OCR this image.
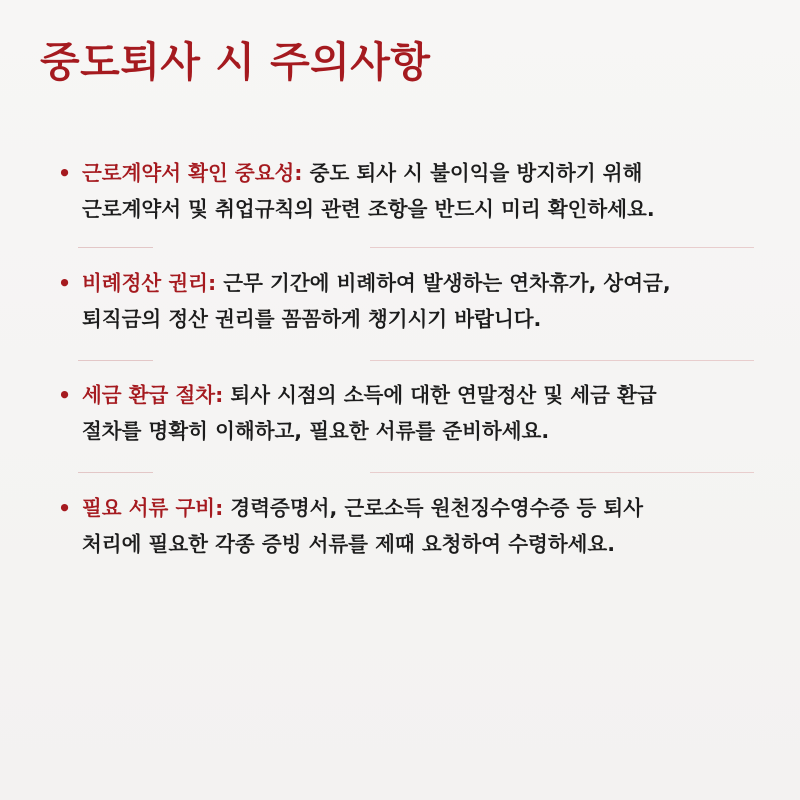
중도퇴사 시 주의사항
• 근로계약서 확인 중요성: 중도 퇴사 시 불이익을 방지하기 위해
근로계약서 및 취업규칙의 관련 조항을 반드시 미리 확인하세요.
• 비례정산 권리: 근무 기간에 비례하여 발생하는 연차휴가, 상여금,
퇴직금의 정산 권리를 꼼꼼하게 챙기시기 바랍니다.
• 세금 환급 절차: 퇴사 시점의 소득에 대한 연말정산 및 세금 환급
절차를 명확히 이해하고, 필요한 서류를 준비하세요.
• 필요 서류 구비: 경력증명서, 근로소득 원천징수영수증 등 퇴사
처리에 필요한 각종 증빙 서류를 제때 요청하여 수령하세요.
